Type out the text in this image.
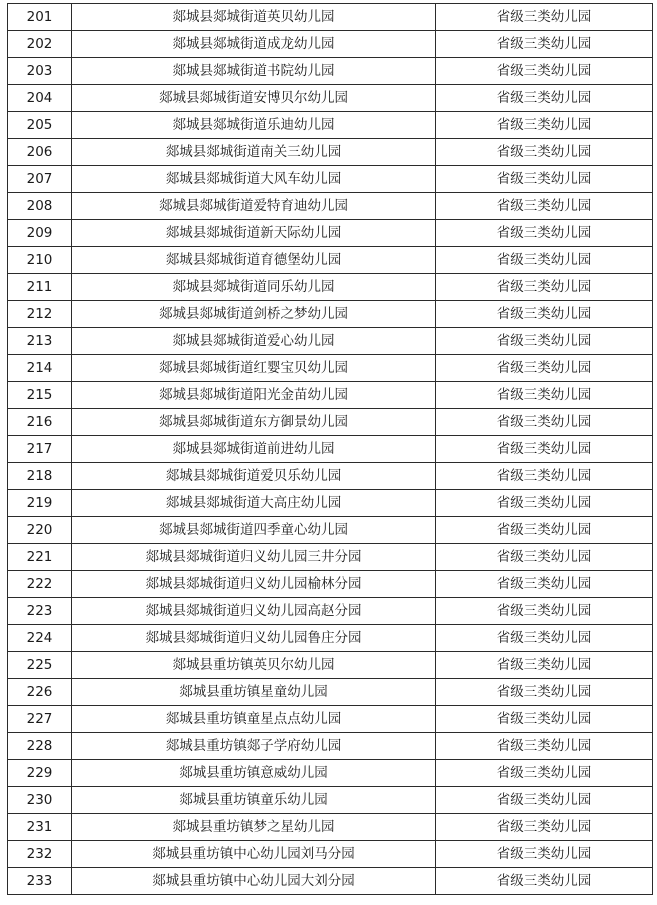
201	郯城县郯城街道英贝幼儿园	省级三类幼儿园
202	郯城县郯城街道成龙幼儿园	省级三类幼儿园
203	郯城县郯城街道书院幼儿园	省级三类幼儿园
204	郯城县郯城街道安博贝尔幼儿园	省级三类幼儿园
205	郯城县郯城街道乐迪幼儿园	省级三类幼儿园
206	郯城县郯城街道南关三幼儿园	省级三类幼儿园
207	郯城县郯城街道大风车幼儿园	省级三类幼儿园
208	郯城县郯城街道爱特育迪幼儿园	省级三类幼儿园
209	郯城县郯城街道新天际幼儿园	省级三类幼儿园
210	郯城县郯城街道育德堡幼儿园	省级三类幼儿园
211	郯城县郯城街道同乐幼儿园	省级三类幼儿园
212	郯城县郯城街道剑桥之梦幼儿园	省级三类幼儿园
213	郯城县郯城街道爱心幼儿园	省级三类幼儿园
214	郯城县郯城街道红婴宝贝幼儿园	省级三类幼儿园
215	郯城县郯城街道阳光金苗幼儿园	省级三类幼儿园
216	郯城县郯城街道东方御景幼儿园	省级三类幼儿园
217	郯城县郯城街道前进幼儿园	省级三类幼儿园
218	郯城县郯城街道爱贝乐幼儿园	省级三类幼儿园
219	郯城县郯城街道大高庄幼儿园	省级三类幼儿园
220	郯城县郯城街道四季童心幼儿园	省级三类幼儿园
221	郯城县郯城街道归义幼儿园三井分园	省级三类幼儿园
222	郯城县郯城街道归义幼儿园榆林分园	省级三类幼儿园
223	郯城县郯城街道归义幼儿园高赵分园	省级三类幼儿园
224	郯城县郯城街道归义幼儿园鲁庄分园	省级三类幼儿园
225	郯城县重坊镇英贝尔幼儿园	省级三类幼儿园
226	郯城县重坊镇星童幼儿园	省级三类幼儿园
227	郯城县重坊镇童星点点幼儿园	省级三类幼儿园
228	郯城县重坊镇郯子学府幼儿园	省级三类幼儿园
229	郯城县重坊镇意威幼儿园	省级三类幼儿园
230	郯城县重坊镇童乐幼儿园	省级三类幼儿园
231	郯城县重坊镇梦之星幼儿园	省级三类幼儿园
232	郯城县重坊镇中心幼儿园刘马分园	省级三类幼儿园
233	郯城县重坊镇中心幼儿园大刘分园	省级三类幼儿园
